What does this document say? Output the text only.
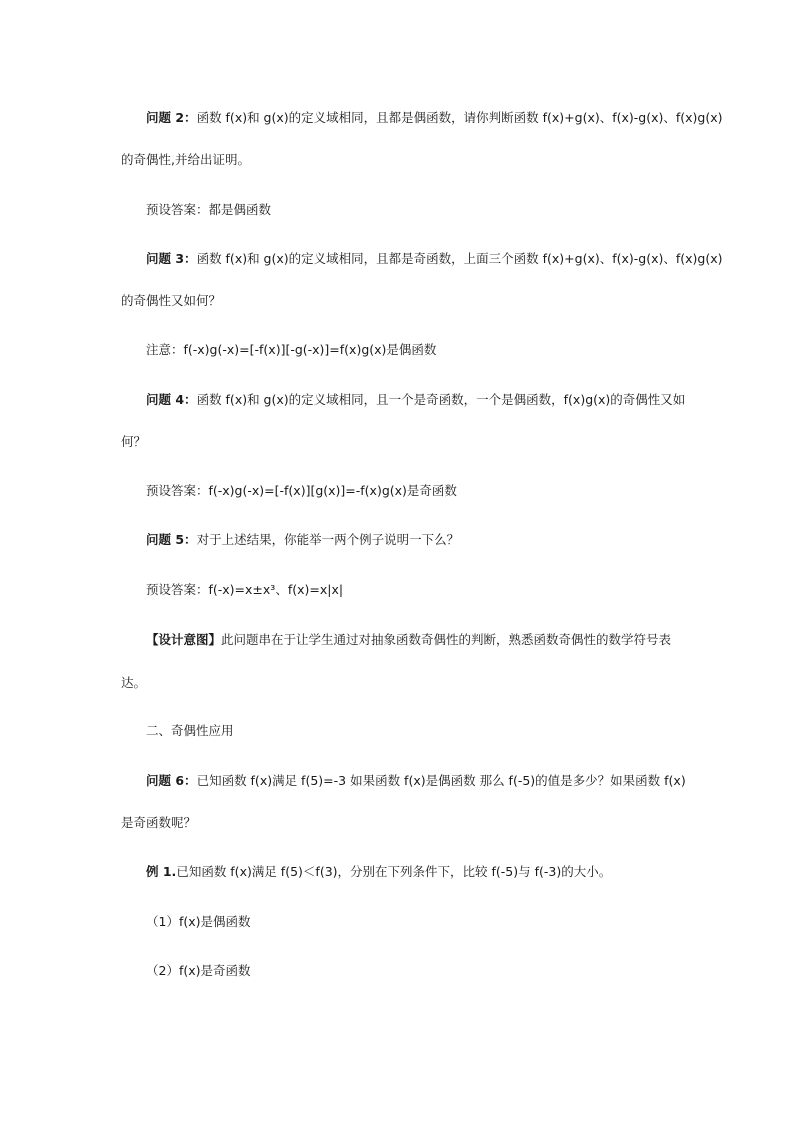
问题 2：函数 f(x)和 g(x)的定义域相同，且都是偶函数，请你判断函数 f(x)+g(x)、f(x)-g(x)、f(x)g(x)
的奇偶性,并给出证明。
预设答案：都是偶函数
问题 3：函数 f(x)和 g(x)的定义域相同，且都是奇函数，上面三个函数 f(x)+g(x)、f(x)-g(x)、f(x)g(x)
的奇偶性又如何？
注意：f(-x)g(-x)=[-f(x)][-g(-x)]=f(x)g(x)是偶函数
问题 4：函数 f(x)和 g(x)的定义域相同，且一个是奇函数，一个是偶函数，f(x)g(x)的奇偶性又如
何？
预设答案：f(-x)g(-x)=[-f(x)][g(x)]=-f(x)g(x)是奇函数
问题 5：对于上述结果，你能举一两个例子说明一下么？
预设答案：f(-x)=x±x³、f(x)=x|x|
【设计意图】此问题串在于让学生通过对抽象函数奇偶性的判断，熟悉函数奇偶性的数学符号表
达。
二、奇偶性应用
问题 6：已知函数 f(x)满足 f(5)=-3 如果函数 f(x)是偶函数 那么 f(-5)的值是多少？如果函数 f(x)
是奇函数呢？
例 1.已知函数 f(x)满足 f(5)＜f(3)，分别在下列条件下，比较 f(-5)与 f(-3)的大小。
（1）f(x)是偶函数
（2）f(x)是奇函数
